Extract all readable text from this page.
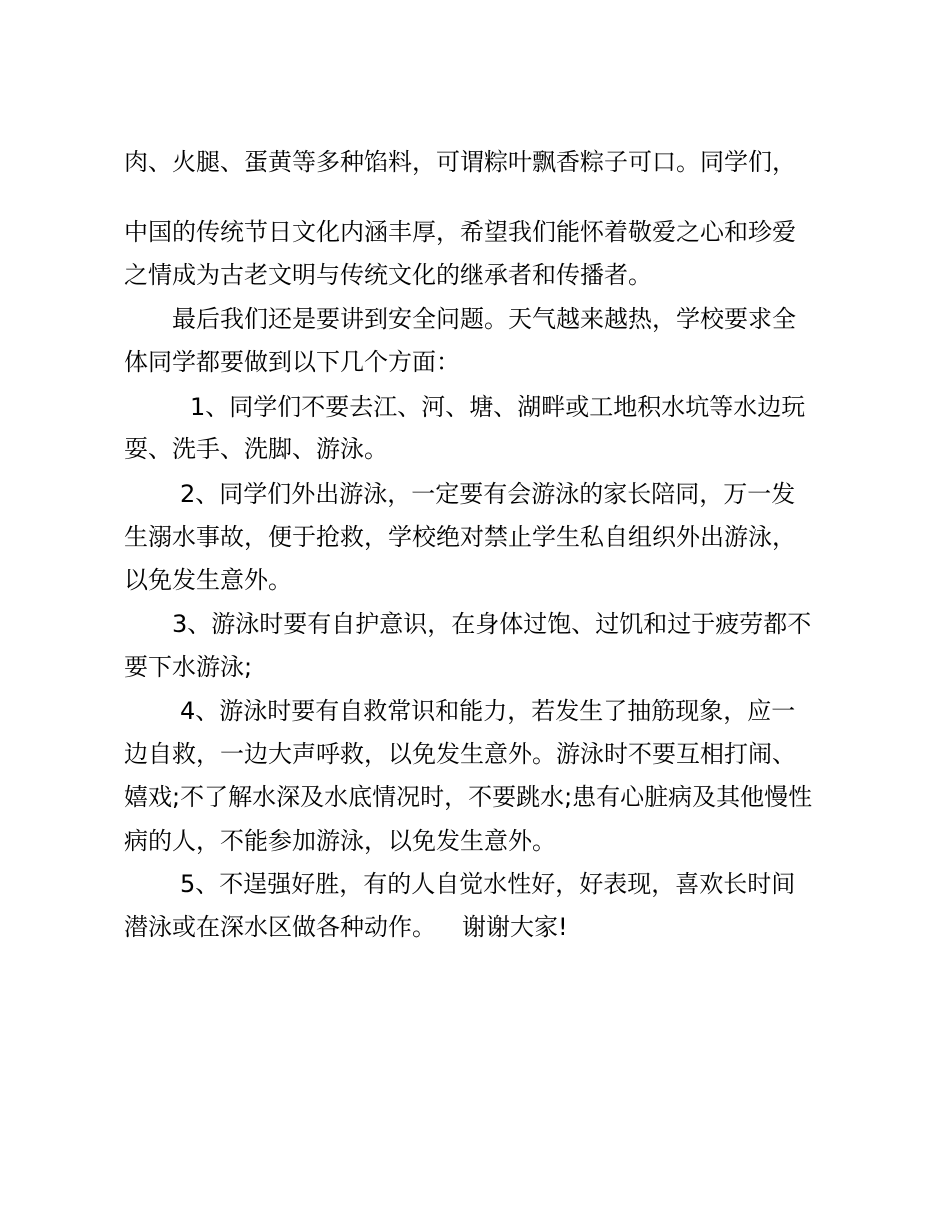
肉、火腿、蛋黄等多种馅料，可谓粽叶飘香粽子可口。同学们，
中国的传统节日文化内涵丰厚，希望我们能怀着敬爱之心和珍爱
之情成为古老文明与传统文化的继承者和传播者。
最后我们还是要讲到安全问题。天气越来越热，学校要求全
体同学都要做到以下几个方面：
1、同学们不要去江、河、塘、湖畔或工地积水坑等水边玩
耍、洗手、洗脚、游泳。
2、同学们外出游泳，一定要有会游泳的家长陪同，万一发
生溺水事故，便于抢救，学校绝对禁止学生私自组织外出游泳，
以免发生意外。
3、游泳时要有自护意识，在身体过饱、过饥和过于疲劳都不
要下水游泳;
4、游泳时要有自救常识和能力，若发生了抽筋现象，应一
边自救，一边大声呼救，以免发生意外。游泳时不要互相打闹、
嬉戏;不了解水深及水底情况时，不要跳水;患有心脏病及其他慢性
病的人，不能参加游泳，以免发生意外。
5、不逞强好胜，有的人自觉水性好，好表现，喜欢长时间
潜泳或在深水区做各种动作。 谢谢大家!
